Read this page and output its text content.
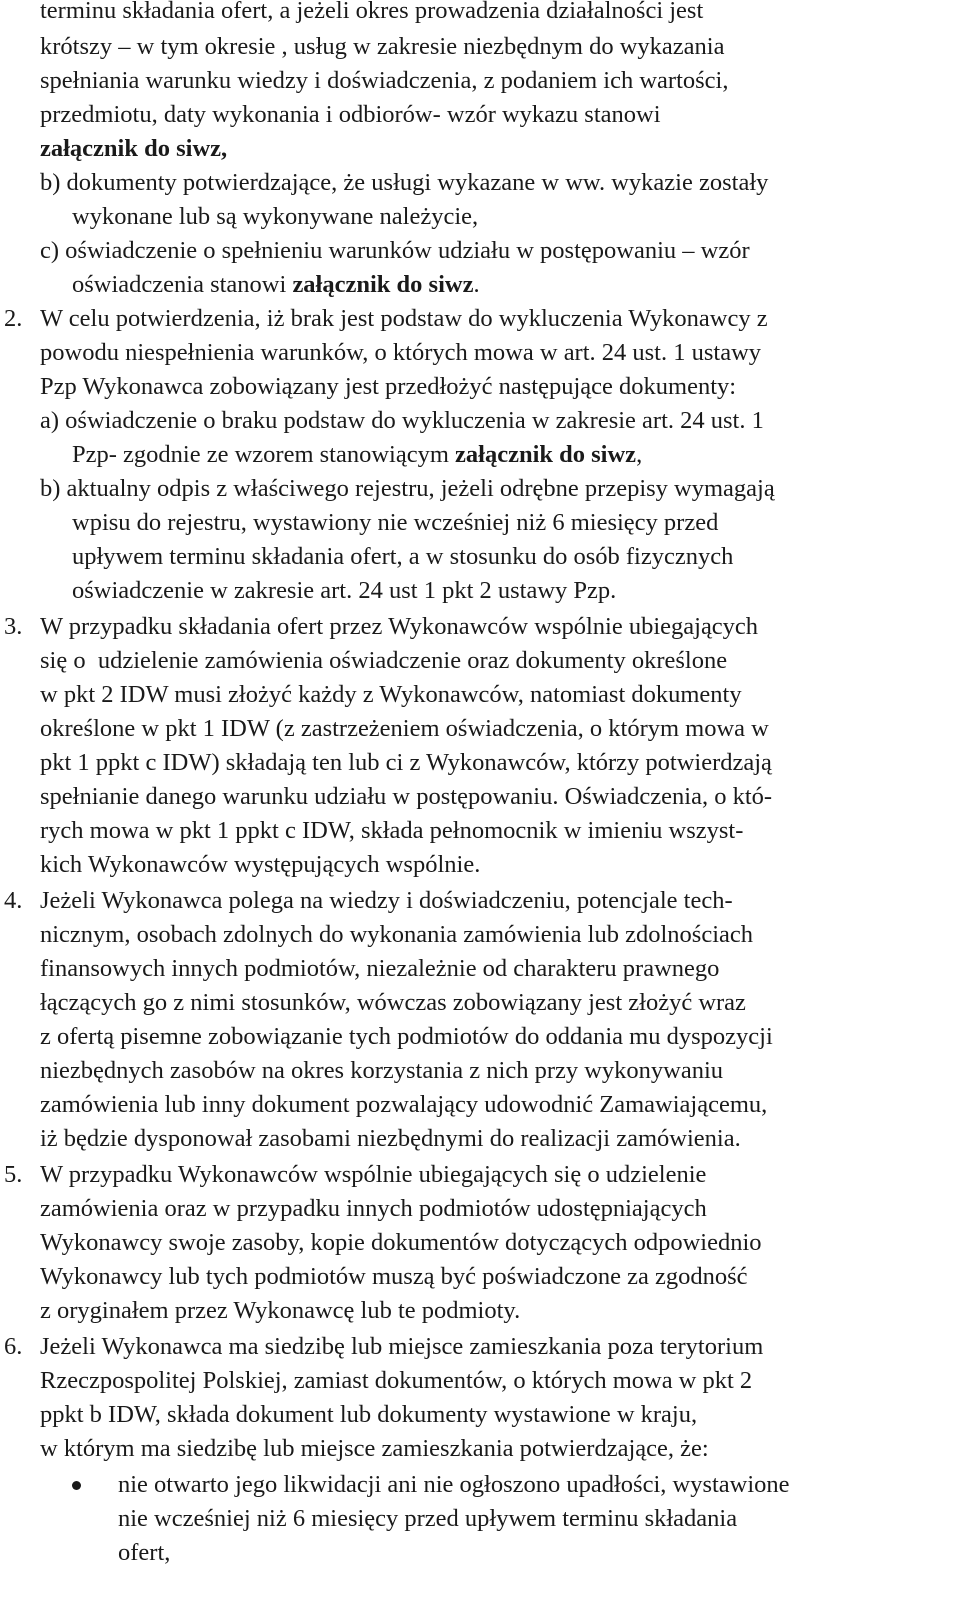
terminu składania ofert, a jeżeli okres prowadzenia działalności jest
krótszy – w tym okresie , usług w zakresie niezbędnym do wykazania
spełniania warunku wiedzy i doświadczenia, z podaniem ich wartości,
przedmiotu, daty wykonania i odbiorów- wzór wykazu stanowi
załącznik do siwz,
b) dokumenty potwierdzające, że usługi wykazane w ww. wykazie zostały
wykonane lub są wykonywane należycie,
c) oświadczenie o spełnieniu warunków udziału w postępowaniu – wzór
oświadczenia stanowi załącznik do siwz.
2. W celu potwierdzenia, iż brak jest podstaw do wykluczenia Wykonawcy z
powodu niespełnienia warunków, o których mowa w art. 24 ust. 1 ustawy
Pzp Wykonawca zobowiązany jest przedłożyć następujące dokumenty:
a) oświadczenie o braku podstaw do wykluczenia w zakresie art. 24 ust. 1
Pzp- zgodnie ze wzorem stanowiącym załącznik do siwz,
b) aktualny odpis z właściwego rejestru, jeżeli odrębne przepisy wymagają
wpisu do rejestru, wystawiony nie wcześniej niż 6 miesięcy przed
upływem terminu składania ofert, a w stosunku do osób fizycznych
oświadczenie w zakresie art. 24 ust 1 pkt 2 ustawy Pzp.
3. W przypadku składania ofert przez Wykonawców wspólnie ubiegających
się o  udzielenie zamówienia oświadczenie oraz dokumenty określone
w pkt 2 IDW musi złożyć każdy z Wykonawców, natomiast dokumenty
określone w pkt 1 IDW (z zastrzeżeniem oświadczenia, o którym mowa w
pkt 1 ppkt c IDW) składają ten lub ci z Wykonawców, którzy potwierdzają
spełnianie danego warunku udziału w postępowaniu. Oświadczenia, o któ-
rych mowa w pkt 1 ppkt c IDW, składa pełnomocnik w imieniu wszyst-
kich Wykonawców występujących wspólnie.
4. Jeżeli Wykonawca polega na wiedzy i doświadczeniu, potencjale tech-
nicznym, osobach zdolnych do wykonania zamówienia lub zdolnościach
finansowych innych podmiotów, niezależnie od charakteru prawnego
łączących go z nimi stosunków, wówczas zobowiązany jest złożyć wraz
z ofertą pisemne zobowiązanie tych podmiotów do oddania mu dyspozycji
niezbędnych zasobów na okres korzystania z nich przy wykonywaniu
zamówienia lub inny dokument pozwalający udowodnić Zamawiającemu,
iż będzie dysponował zasobami niezbędnymi do realizacji zamówienia.
5. W przypadku Wykonawców wspólnie ubiegających się o udzielenie
zamówienia oraz w przypadku innych podmiotów udostępniających
Wykonawcy swoje zasoby, kopie dokumentów dotyczących odpowiednio
Wykonawcy lub tych podmiotów muszą być poświadczone za zgodność
z oryginałem przez Wykonawcę lub te podmioty.
6. Jeżeli Wykonawca ma siedzibę lub miejsce zamieszkania poza terytorium
Rzeczpospolitej Polskiej, zamiast dokumentów, o których mowa w pkt 2
ppkt b IDW, składa dokument lub dokumenty wystawione w kraju,
w którym ma siedzibę lub miejsce zamieszkania potwierdzające, że:
nie otwarto jego likwidacji ani nie ogłoszono upadłości, wystawione
nie wcześniej niż 6 miesięcy przed upływem terminu składania
ofert,
